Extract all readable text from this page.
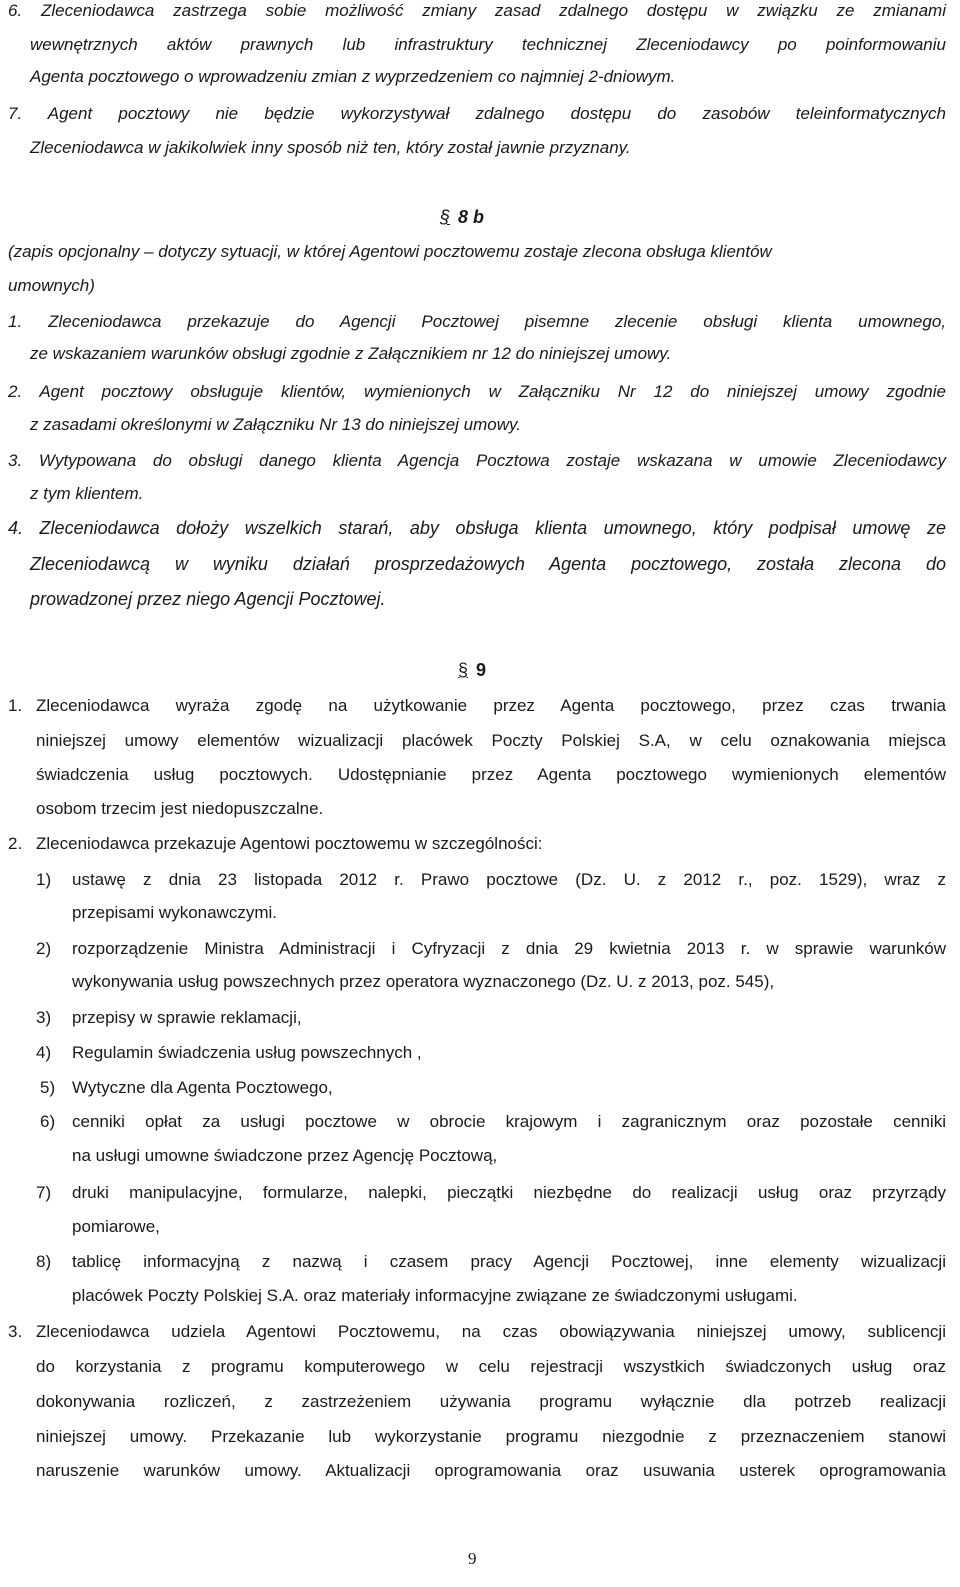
6. Zleceniodawca zastrzega sobie możliwość zmiany zasad zdalnego dostępu w związku ze zmianami
wewnętrznych aktów prawnych lub infrastruktury technicznej Zleceniodawcy po poinformowaniu
Agenta pocztowego o wprowadzeniu zmian z wyprzedzeniem co najmniej 2-dniowym.
7. Agent pocztowy nie będzie wykorzystywał zdalnego dostępu do zasobów teleinformatycznych
Zleceniodawca w jakikolwiek inny sposób niż ten, który został jawnie przyznany.
§ 8 b
(zapis opcjonalny – dotyczy sytuacji, w której Agentowi pocztowemu zostaje zlecona obsługa klientów
umownych)
1. Zleceniodawca przekazuje do Agencji Pocztowej pisemne zlecenie obsługi klienta umownego,
ze wskazaniem warunków obsługi zgodnie z Załącznikiem nr 12 do niniejszej umowy.
2. Agent pocztowy obsługuje klientów, wymienionych w Załączniku Nr 12 do niniejszej umowy zgodnie
z zasadami określonymi w Załączniku Nr 13 do niniejszej umowy.
3. Wytypowana do obsługi danego klienta Agencja Pocztowa zostaje wskazana w umowie Zleceniodawcy
z tym klientem.
4. Zleceniodawca dołoży wszelkich starań, aby obsługa klienta umownego, który podpisał umowę ze
Zleceniodawcą w wyniku działań prosprzedażowych Agenta pocztowego, została zlecona do
prowadzonej przez niego Agencji Pocztowej.
§ 9
1. Zleceniodawca wyraża zgodę na użytkowanie przez Agenta pocztowego, przez czas trwania
niniejszej umowy elementów wizualizacji placówek Poczty Polskiej S.A, w celu oznakowania miejsca
świadczenia usług pocztowych. Udostępnianie przez Agenta pocztowego wymienionych elementów
osobom trzecim jest niedopuszczalne.
2. Zleceniodawca przekazuje Agentowi pocztowemu w szczególności:
1) ustawę z dnia 23 listopada 2012 r. Prawo pocztowe (Dz. U. z 2012 r., poz. 1529), wraz z
przepisami wykonawczymi.
2) rozporządzenie Ministra Administracji i Cyfryzacji z dnia 29 kwietnia 2013 r. w sprawie warunków
wykonywania usług powszechnych przez operatora wyznaczonego (Dz. U. z 2013, poz. 545),
3) przepisy w sprawie reklamacji,
4) Regulamin świadczenia usług powszechnych ,
5) Wytyczne dla Agenta Pocztowego,
6) cenniki opłat za usługi pocztowe w obrocie krajowym i zagranicznym oraz pozostałe cenniki
na usługi umowne świadczone przez Agencję Pocztową,
7) druki manipulacyjne, formularze, nalepki, pieczątki niezbędne do realizacji usług oraz przyrządy
pomiarowe,
8) tablicę informacyjną z nazwą i czasem pracy Agencji Pocztowej, inne elementy wizualizacji
placówek Poczty Polskiej S.A. oraz materiały informacyjne związane ze świadczonymi usługami.
3. Zleceniodawca udziela Agentowi Pocztowemu, na czas obowiązywania niniejszej umowy, sublicencji
do korzystania z programu komputerowego w celu rejestracji wszystkich świadczonych usług oraz
dokonywania rozliczeń, z zastrzeżeniem używania programu wyłącznie dla potrzeb realizacji
niniejszej umowy. Przekazanie lub wykorzystanie programu niezgodnie z przeznaczeniem stanowi
naruszenie warunków umowy. Aktualizacji oprogramowania oraz usuwania usterek oprogramowania
9
